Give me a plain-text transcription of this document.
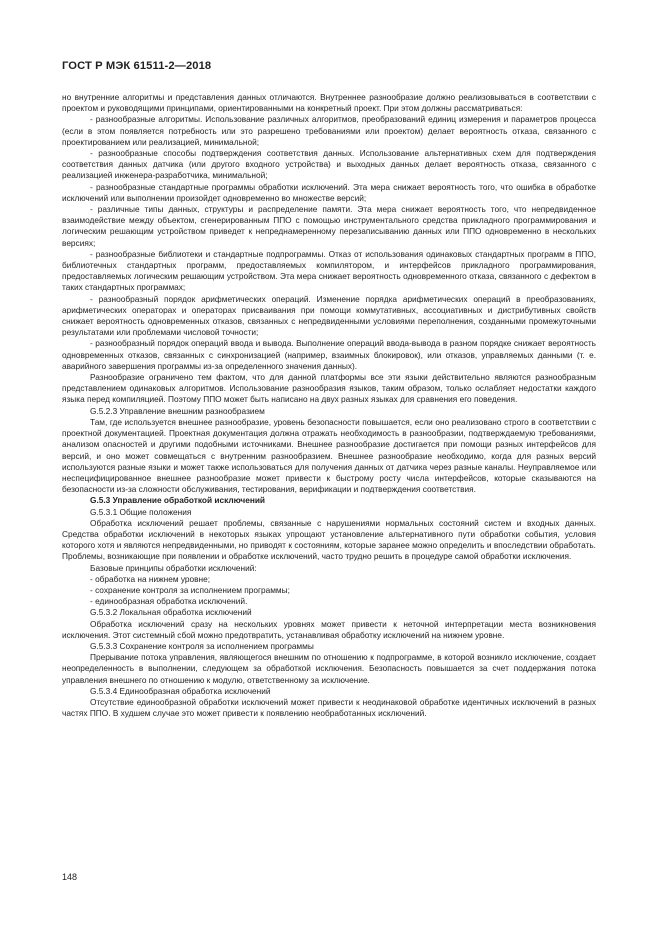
ГОСТ Р МЭК 61511-2—2018

но внутренние алгоритмы и представления данных отличаются. Внутреннее разнообразие должно реализовываться в соответствии с проектом и руководящими принципами, ориентированными на конкретный проект. При этом должны рассматриваться:

- разнообразные алгоритмы. Использование различных алгоритмов, преобразований единиц измерения и параметров процесса (если в этом появляется потребность или это разрешено требованиями или проектом) делает вероятность отказа, связанного с проектированием или реализацией, минимальной;

- разнообразные способы подтверждения соответствия данных. Использование альтернативных схем для подтверждения соответствия данных датчика (или другого входного устройства) и выходных данных делает вероятность отказа, связанного с реализацией инженера-разработчика, минимальной;

- разнообразные стандартные программы обработки исключений. Эта мера снижает вероятность того, что ошибка в обработке исключений или выполнении произойдет одновременно во множестве версий;

- различные типы данных, структуры и распределение памяти. Эта мера снижает вероятность того, что непредвиденное взаимодействие между объектом, сгенерированным ППО с помощью инструментального средства прикладного программирования и логическим решающим устройством приведет к непреднамеренному перезаписыванию данных или ППО одновременно в нескольких версиях;

- разнообразные библиотеки и стандартные подпрограммы. Отказ от использования одинаковых стандартных программ в ППО, библиотечных стандартных программ, предоставляемых компилятором, и интерфейсов прикладного программирования, предоставляемых логическим решающим устройством. Эта мера снижает вероятность одновременного отказа, связанного с дефектом в таких стандартных программах;

- разнообразный порядок арифметических операций. Изменение порядка арифметических операций в преобразованиях, арифметических операторах и операторах присваивания при помощи коммутативных, ассоциативных и дистрибутивных свойств снижает вероятность одновременных отказов, связанных с непредвиденными условиями переполнения, созданными промежуточными результатами или проблемами числовой точности;

- разнообразный порядок операций ввода и вывода. Выполнение операций ввода-вывода в разном порядке снижает вероятность одновременных отказов, связанных с синхронизацией (например, взаимных блокировок), или отказов, управляемых данными (т. е. аварийного завершения программы из-за определенного значения данных).

Разнообразие ограничено тем фактом, что для данной платформы все эти языки действительно являются разнообразным представлением одинаковых алгоритмов. Использование разнообразия языков, таким образом, только ослабляет недостатки каждого языка перед компиляцией. Поэтому ППО может быть написано на двух разных языках для сравнения его поведения.

G.5.2.3 Управление внешним разнообразием

Там, где используется внешнее разнообразие, уровень безопасности повышается, если оно реализовано строго в соответствии с проектной документацией. Проектная документация должна отражать необходимость в разнообразии, подтверждаемую требованиями, анализом опасностей и другими подобными источниками. Внешнее разнообразие достигается при помощи разных интерфейсов для версий, и оно может совмещаться с внутренним разнообразием. Внешнее разнообразие необходимо, когда для разных версий используются разные языки и может также использоваться для получения данных от датчика через разные каналы. Неуправляемое или неспецифицированное внешнее разнообразие может привести к быстрому росту числа интерфейсов, которые сказываются на безопасности из-за сложности обслуживания, тестирования, верификации и подтверждения соответствия.

G.5.3 Управление обработкой исключений

G.5.3.1 Общие положения

Обработка исключений решает проблемы, связанные с нарушениями нормальных состояний систем и входных данных. Средства обработки исключений в некоторых языках упрощают установление альтернативного пути обработки события, условия которого хотя и являются непредвиденными, но приводят к состояниям, которые заранее можно определить и впоследствии обработать. Проблемы, возникающие при появлении и обработке исключений, часто трудно решить в процедуре самой обработки исключения.

Базовые принципы обработки исключений:

- обработка на нижнем уровне;

- сохранение контроля за исполнением программы;

- единообразная обработка исключений.

G.5.3.2 Локальная обработка исключений

Обработка исключений сразу на нескольких уровнях может привести к неточной интерпретации места возникновения исключения. Этот системный сбой можно предотвратить, устанавливая обработку исключений на нижнем уровне.

G.5.3.3 Сохранение контроля за исполнением программы

Прерывание потока управления, являющегося внешним по отношению к подпрограмме, в которой возникло исключение, создает неопределенность в выполнении, следующем за обработкой исключения. Безопасность повышается за счет поддержания потока управления внешнего по отношению к модулю, ответственному за исключение.

G.5.3.4 Единообразная обработка исключений

Отсутствие единообразной обработки исключений может привести к неодинаковой обработке идентичных исключений в разных частях ППО. В худшем случае это может привести к появлению необработанных исключений.

148
